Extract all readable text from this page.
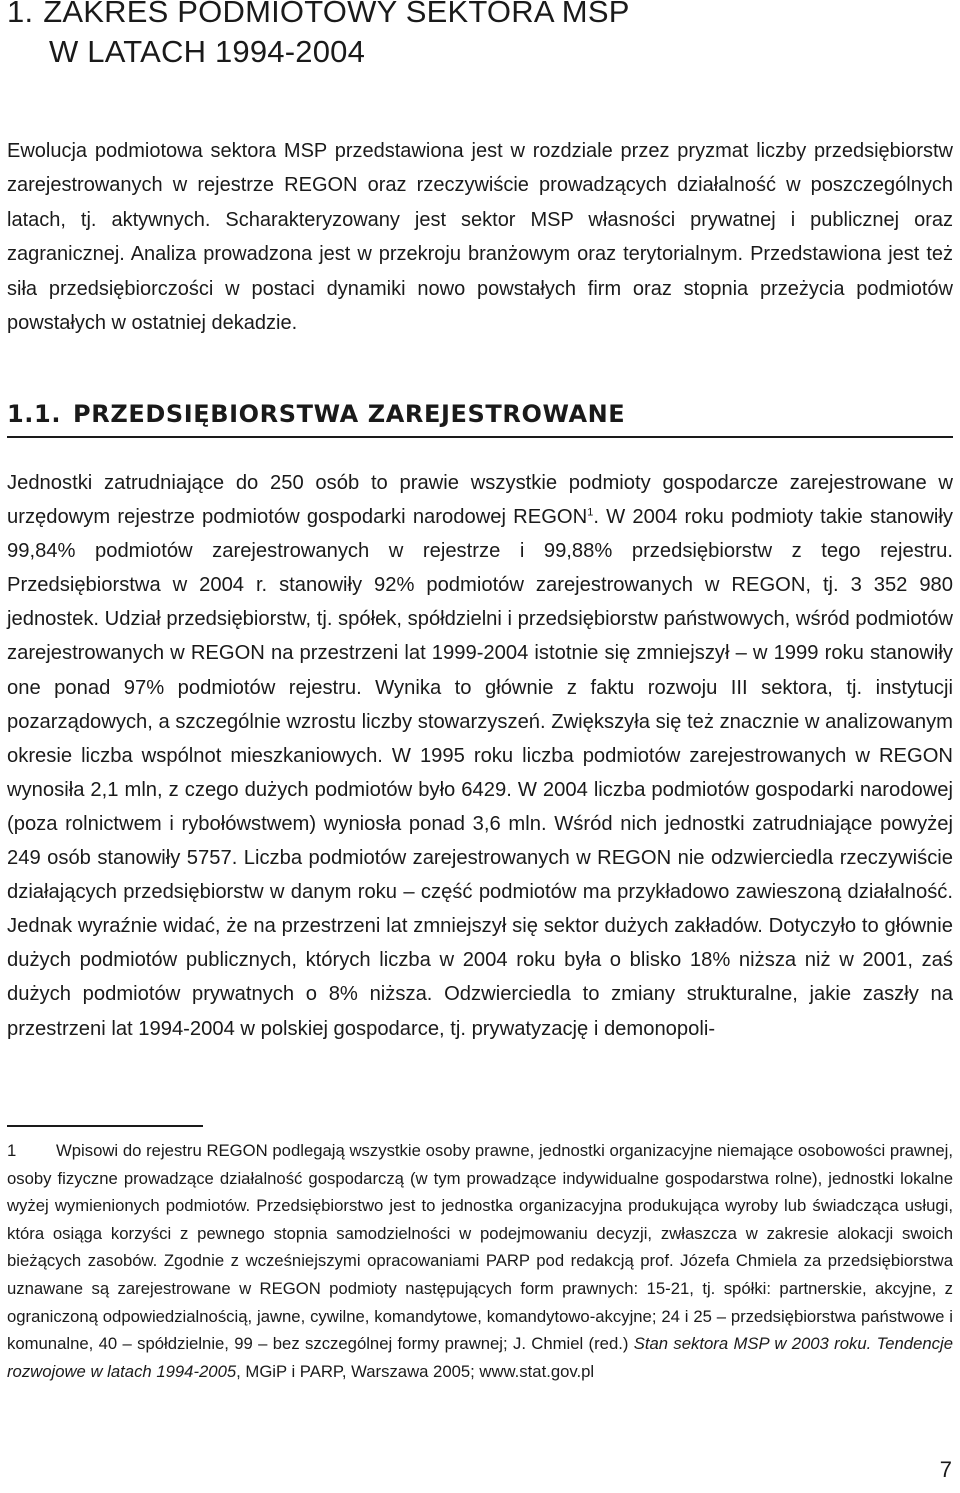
1. ZAKRES PODMIOTOWY SEKTORA MSP
W LATACH 1994-2004

Ewolucja podmiotowa sektora MSP przedstawiona jest w rozdziale przez pryzmat liczby przedsiębiorstw zarejestrowanych w rejestrze REGON oraz rzeczywiście prowadzących działalność w poszczególnych latach, tj. aktywnych. Scharakteryzowany jest sektor MSP własności prywatnej i publicznej oraz zagranicznej. Analiza prowadzona jest w przekroju branżowym oraz terytorialnym. Przedstawiona jest też siła przedsiębiorczości w postaci dynamiki nowo powstałych firm oraz stopnia przeżycia podmiotów powstałych w ostatniej dekadzie.

1.1. PRZEDSIĘBIORSTWA ZAREJESTROWANE

Jednostki zatrudniające do 250 osób to prawie wszystkie podmioty gospodarcze zarejestrowane w urzędowym rejestrze podmiotów gospodarki narodowej REGON$^1$. W 2004 roku podmioty takie stanowiły 99,84% podmiotów zarejestrowanych w rejestrze i 99,88% przedsiębiorstw z tego rejestru. Przedsiębiorstwa w 2004 r. stanowiły 92% podmiotów zarejestrowanych w REGON, tj. 3 352 980 jednostek. Udział przedsiębiorstw, tj. spółek, spółdzielni i przedsiębiorstw państwowych, wśród podmiotów zarejestrowanych w REGON na przestrzeni lat 1999-2004 istotnie się zmniejszył – w 1999 roku stanowiły one ponad 97% podmiotów rejestru. Wynika to głównie z faktu rozwoju III sektora, tj. instytucji pozarządowych, a szczególnie wzrostu liczby stowarzyszeń. Zwiększyła się też znacznie w analizowanym okresie liczba wspólnot mieszkaniowych. W 1995 roku liczba podmiotów zarejestrowanych w REGON wynosiła 2,1 mln, z czego dużych podmiotów było 6429. W 2004 liczba podmiotów gospodarki narodowej (poza rolnictwem i rybołówstwem) wyniosła ponad 3,6 mln. Wśród nich jednostki zatrudniające powyżej 249 osób stanowiły 5757. Liczba podmiotów zarejestrowanych w REGON nie odzwierciedla rzeczywiście działających przedsiębiorstw w danym roku – część podmiotów ma przykładowo zawieszoną działalność. Jednak wyraźnie widać, że na przestrzeni lat zmniejszył się sektor dużych zakładów. Dotyczyło to głównie dużych podmiotów publicznych, których liczba w 2004 roku była o blisko 18% niższa niż w 2001, zaś dużych podmiotów prywatnych o 8% niższa. Odzwierciedla to zmiany strukturalne, jakie zaszły na przestrzeni lat 1994-2004 w polskiej gospodarce, tj. prywatyzację i demonopoli-

1 Wpisowi do rejestru REGON podlegają wszystkie osoby prawne, jednostki organizacyjne niemające osobowości prawnej, osoby fizyczne prowadzące działalność gospodarczą (w tym prowadzące indywidualne gospodarstwa rolne), jednostki lokalne wyżej wymienionych podmiotów. Przedsiębiorstwo jest to jednostka organizacyjna produkująca wyroby lub świadcząca usługi, która osiąga korzyści z pewnego stopnia samodzielności w podejmowaniu decyzji, zwłaszcza w zakresie alokacji swoich bieżących zasobów. Zgodnie z wcześniejszymi opracowaniami PARP pod redakcją prof. Józefa Chmiela za przedsiębiorstwa uznawane są zarejestrowane w REGON podmioty następujących form prawnych: 15-21, tj. spółki: partnerskie, akcyjne, z ograniczoną odpowiedzialnością, jawne, cywilne, komandytowe, komandytowo-akcyjne; 24 i 25 – przedsiębiorstwa państwowe i komunalne, 40 – spółdzielnie, 99 – bez szczególnej formy prawnej; J. Chmiel (red.) Stan sektora MSP w 2003 roku. Tendencje rozwojowe w latach 1994-2005, MGiP i PARP, Warszawa 2005; www.stat.gov.pl

7
